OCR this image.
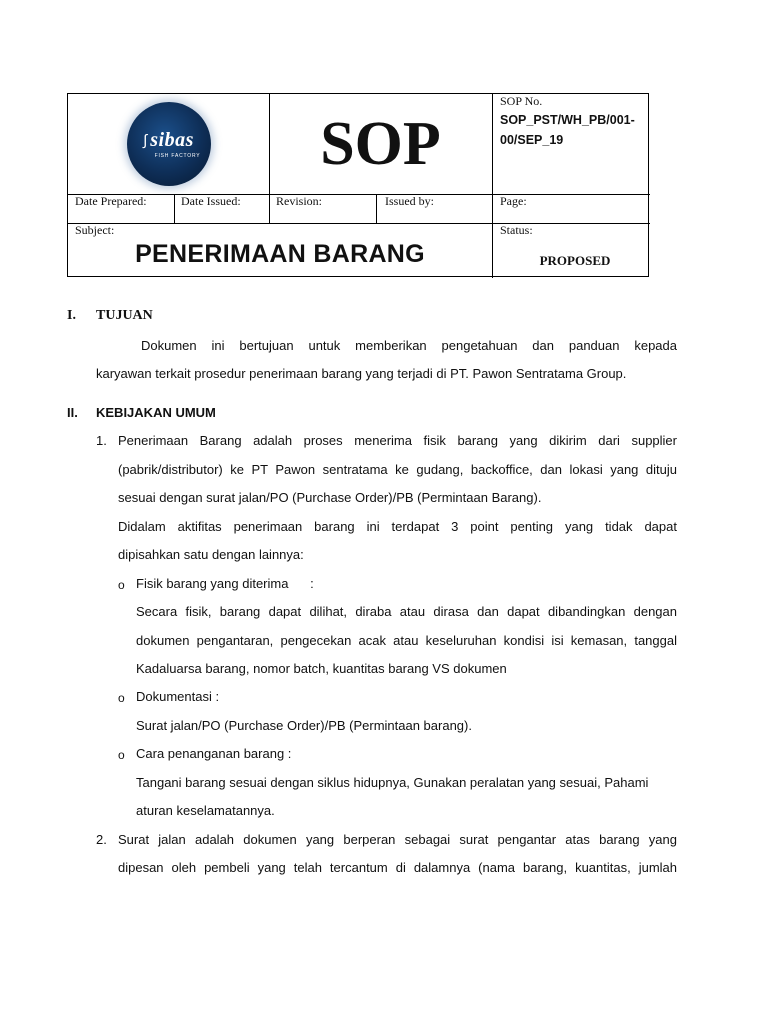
∫ sibas
FISH FACTORY	SOP
SOP No.
SOP_PST/WH_PB/001-00/SEP_19
Date Prepared:	Date Issued:	Revision:	Issued by:	Page:
Subject:
PENERIMAAN BARANG
Status:
PROPOSED
I. TUJUAN
Dokumen ini bertujuan untuk memberikan pengetahuan dan panduan kepada
karyawan terkait prosedur penerimaan barang yang terjadi di PT. Pawon Sentratama Group.
II. KEBIJAKAN UMUM
1. Penerimaan Barang adalah proses menerima fisik barang yang dikirim dari supplier
(pabrik/distributor) ke PT Pawon sentratama ke gudang, backoffice, dan lokasi yang dituju
sesuai dengan surat jalan/PO (Purchase Order)/PB (Permintaan Barang).
Didalam aktifitas penerimaan barang ini terdapat 3 point penting yang tidak dapat
dipisahkan satu dengan lainnya:
o Fisik barang yang diterima      :
Secara fisik, barang dapat dilihat, diraba atau dirasa dan dapat dibandingkan dengan
dokumen pengantaran, pengecekan acak atau keseluruhan kondisi isi kemasan, tanggal
Kadaluarsa barang, nomor batch, kuantitas barang VS dokumen
o Dokumentasi :
Surat jalan/PO (Purchase Order)/PB (Permintaan barang).
o Cara penanganan barang :
Tangani barang sesuai dengan siklus hidupnya, Gunakan peralatan yang sesuai, Pahami
aturan keselamatannya.
2. Surat jalan adalah dokumen yang berperan sebagai surat pengantar atas barang yang
dipesan oleh pembeli yang telah tercantum di dalamnya (nama barang, kuantitas, jumlah
